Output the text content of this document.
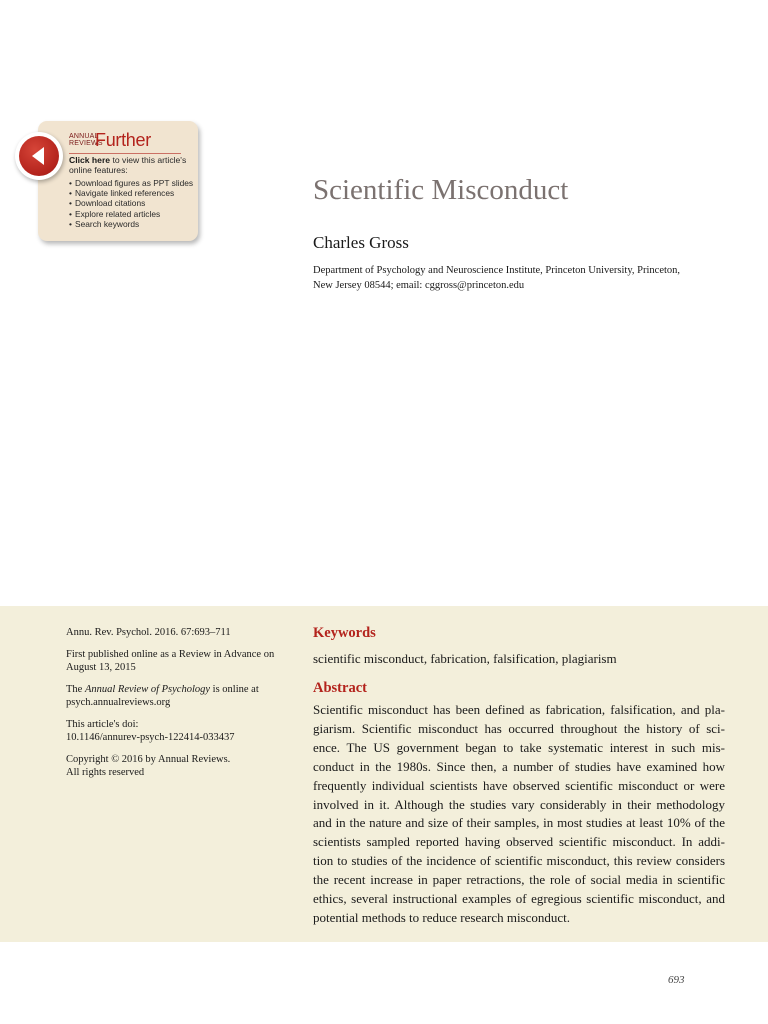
ANNUAL
REVIEWS
Further
Click here to view this article's
online features:
• Download figures as PPT slides
• Navigate linked references
• Download citations
• Explore related articles
• Search keywords
Scientific Misconduct
Charles Gross
Department of Psychology and Neuroscience Institute, Princeton University, Princeton,
New Jersey 08544; email: cggross@princeton.edu

Annu. Rev. Psychol. 2016. 67:693–711

First published online as a Review in Advance on
August 13, 2015

The Annual Review of Psychology is online at
psych.annualreviews.org

This article's doi:
10.1146/annurev-psych-122414-033437

Copyright © 2016 by Annual Reviews.
All rights reserved

Keywords
scientific misconduct, fabrication, falsification, plagiarism
Abstract
Scientific misconduct has been defined as fabrication, falsification, and pla-
giarism. Scientific misconduct has occurred throughout the history of sci-
ence. The US government began to take systematic interest in such mis-
conduct in the 1980s. Since then, a number of studies have examined how
frequently individual scientists have observed scientific misconduct or were
involved in it. Although the studies vary considerably in their methodology
and in the nature and size of their samples, in most studies at least 10% of the
scientists sampled reported having observed scientific misconduct. In addi-
tion to studies of the incidence of scientific misconduct, this review considers
the recent increase in paper retractions, the role of social media in scientific
ethics, several instructional examples of egregious scientific misconduct, and
potential methods to reduce research misconduct.
693
